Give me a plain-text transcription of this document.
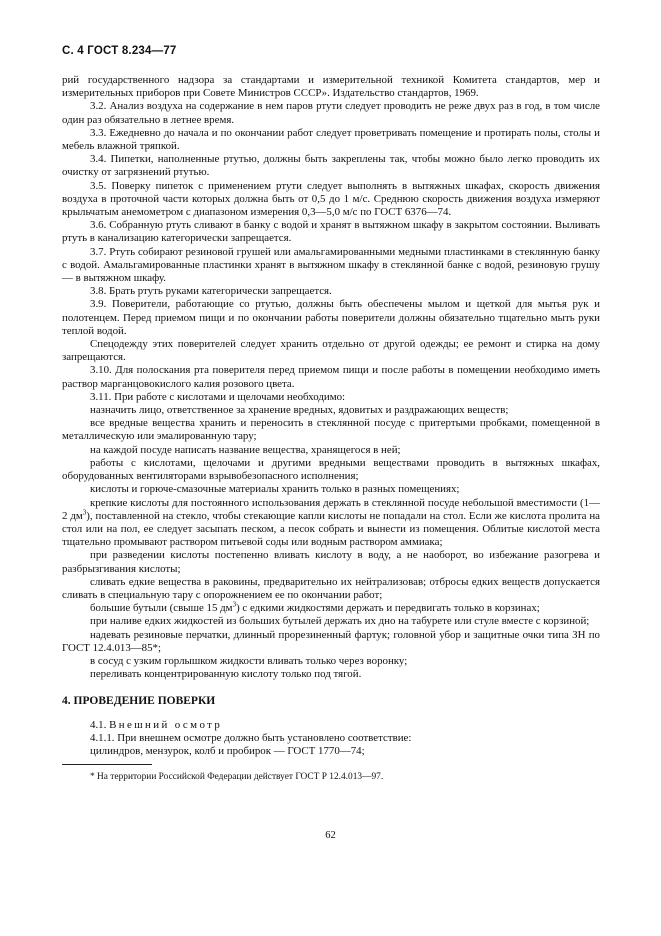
С. 4 ГОСТ 8.234—77

рий государственного надзора за стандартами и измерительной техникой Комитета стандартов, мер и измерительных приборов при Совете Министров СССР». Издательство стандартов, 1969.

3.2. Анализ воздуха на содержание в нем паров ртути следует проводить не реже двух раз в год, в том числе один раз обязательно в летнее время.

3.3. Ежедневно до начала и по окончании работ следует проветривать помещение и протирать полы, столы и мебель влажной тряпкой.

3.4. Пипетки, наполненные ртутью, должны быть закреплены так, чтобы можно было легко проводить их очистку от загрязнений ртутью.

3.5. Поверку пипеток с применением ртути следует выполнять в вытяжных шкафах, скорость движения воздуха в проточной части которых должна быть от 0,5 до 1 м/с. Среднюю скорость движения воздуха измеряют крыльчатым анемометром с диапазоном измерения 0,3—5,0 м/с по ГОСТ 6376—74.

3.6. Собранную ртуть сливают в банку с водой и хранят в вытяжном шкафу в закрытом состоянии. Выливать ртуть в канализацию категорически запрещается.

3.7. Ртуть собирают резиновой грушей или амальгамированными медными пластинками в стеклянную банку с водой. Амальгамированные пластинки хранят в вытяжном шкафу в стеклянной банке с водой, резиновую грушу — в вытяжном шкафу.

3.8. Брать ртуть руками категорически запрещается.

3.9. Поверители, работающие со ртутью, должны быть обеспечены мылом и щеткой для мытья рук и полотенцем. Перед приемом пищи и по окончании работы поверители должны обязательно тщательно мыть руки теплой водой.

Спецодежду этих поверителей следует хранить отдельно от другой одежды; ее ремонт и стирка на дому запрещаются.

3.10. Для полоскания рта поверителя перед приемом пищи и после работы в помещении необходимо иметь раствор марганцовокислого калия розового цвета.

3.11. При работе с кислотами и щелочами необходимо:

назначить лицо, ответственное за хранение вредных, ядовитых и раздражающих веществ;

все вредные вещества хранить и переносить в стеклянной посуде с притертыми пробками, помещенной в металлическую или эмалированную тару;

на каждой посуде написать название вещества, хранящегося в ней;

работы с кислотами, щелочами и другими вредными веществами проводить в вытяжных шкафах, оборудованных вентиляторами взрывобезопасного исполнения;

кислоты и горюче-смазочные материалы хранить только в разных помещениях;

крепкие кислоты для постоянного использования держать в стеклянной посуде небольшой вместимости (1—2 $дм^3$), поставленной на стекло, чтобы стекающие капли кислоты не попадали на стол. Если же кислота пролита на стол или на пол, ее следует засыпать песком, а песок собрать и вынести из помещения. Облитые кислотой места тщательно промывают раствором питьевой соды или водным раствором аммиака;

при разведении кислоты постепенно вливать кислоту в воду, а не наоборот, во избежание разогрева и разбрызгивания кислоты;

сливать едкие вещества в раковины, предварительно их нейтрализовав; отбросы едких веществ допускается сливать в специальную тару с опорожнением ее по окончании работ;

большие бутыли (свыше 15 $дм^3$) с едкими жидкостями держать и передвигать только в корзинах;

при наливе едких жидкостей из больших бутылей держать их дно на табурете или стуле вместе с корзиной;

надевать резиновые перчатки, длинный прорезиненный фартук; головной убор и защитные очки типа ЗН по ГОСТ 12.4.013—85*;

в сосуд с узким горлышком жидкости вливать только через воронку;

переливать концентрированную кислоту только под тягой.

4. ПРОВЕДЕНИЕ ПОВЕРКИ

4.1. Внешний осмотр

4.1.1. При внешнем осмотре должно быть установлено соответствие:

цилиндров, мензурок, колб и пробирок — ГОСТ 1770—74;

* На территории Российской Федерации действует ГОСТ Р 12.4.013—97.

62
